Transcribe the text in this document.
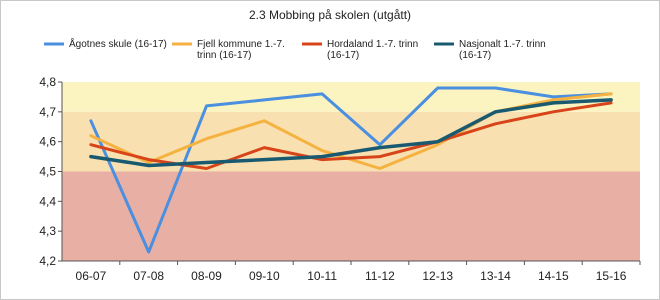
2.3 Mobbing på skolen (utgått)
Ågotnes skule (16-17)	Fjell kommune 1.-7. trinn (16-17)
Hordaland 1.-7. trinn (16-17)
Nasjonalt 1.-7. trinn (16-17)
4,2
4,3
4,4
4,5
4,6
4,7
4,8
06-07 07-08 08-09 09-10 10-11 11-12 12-13 13-14 14-15 15-16
